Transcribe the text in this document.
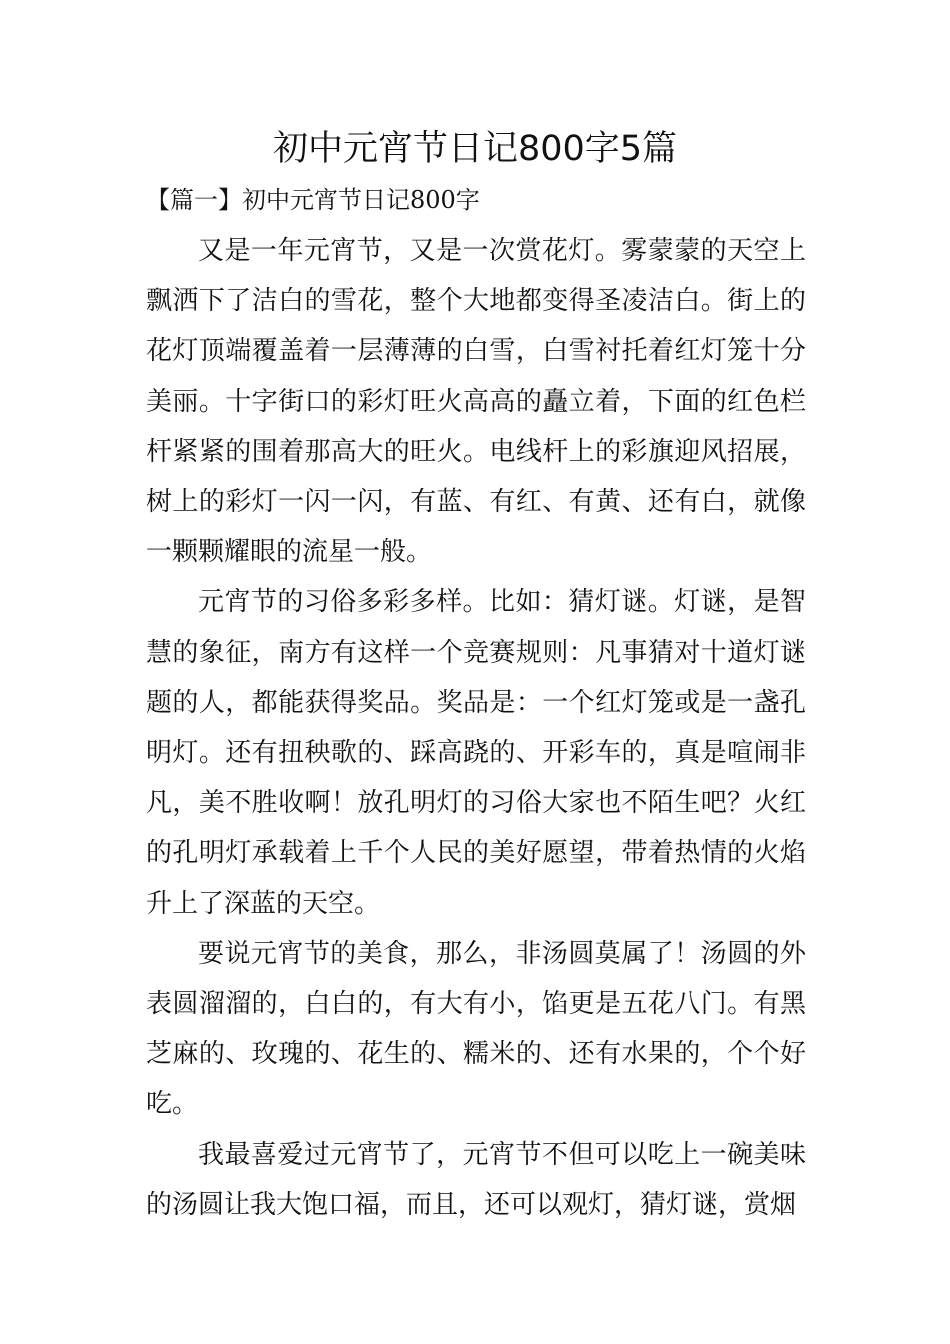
初中元宵节日记800字5篇

【篇一】初中元宵节日记800字

又是一年元宵节，又是一次赏花灯。雾蒙蒙的天空上飘洒下了洁白的雪花，整个大地都变得圣凌洁白。街上的花灯顶端覆盖着一层薄薄的白雪，白雪衬托着红灯笼十分美丽。十字街口的彩灯旺火高高的矗立着，下面的红色栏杆紧紧的围着那高大的旺火。电线杆上的彩旗迎风招展，树上的彩灯一闪一闪，有蓝、有红、有黄、还有白，就像一颗颗耀眼的流星一般。

元宵节的习俗多彩多样。比如：猜灯谜。灯谜，是智慧的象征，南方有这样一个竞赛规则：凡事猜对十道灯谜题的人，都能获得奖品。奖品是：一个红灯笼或是一盏孔明灯。还有扭秧歌的、踩高跷的、开彩车的，真是喧闹非凡，美不胜收啊！放孔明灯的习俗大家也不陌生吧？火红的孔明灯承载着上千个人民的美好愿望，带着热情的火焰升上了深蓝的天空。

要说元宵节的美食，那么，非汤圆莫属了！汤圆的外表圆溜溜的，白白的，有大有小，馅更是五花八门。有黑芝麻的、玫瑰的、花生的、糯米的、还有水果的，个个好吃。

我最喜爱过元宵节了，元宵节不但可以吃上一碗美味的汤圆让我大饱口福，而且，还可以观灯，猜灯谜，赏烟
